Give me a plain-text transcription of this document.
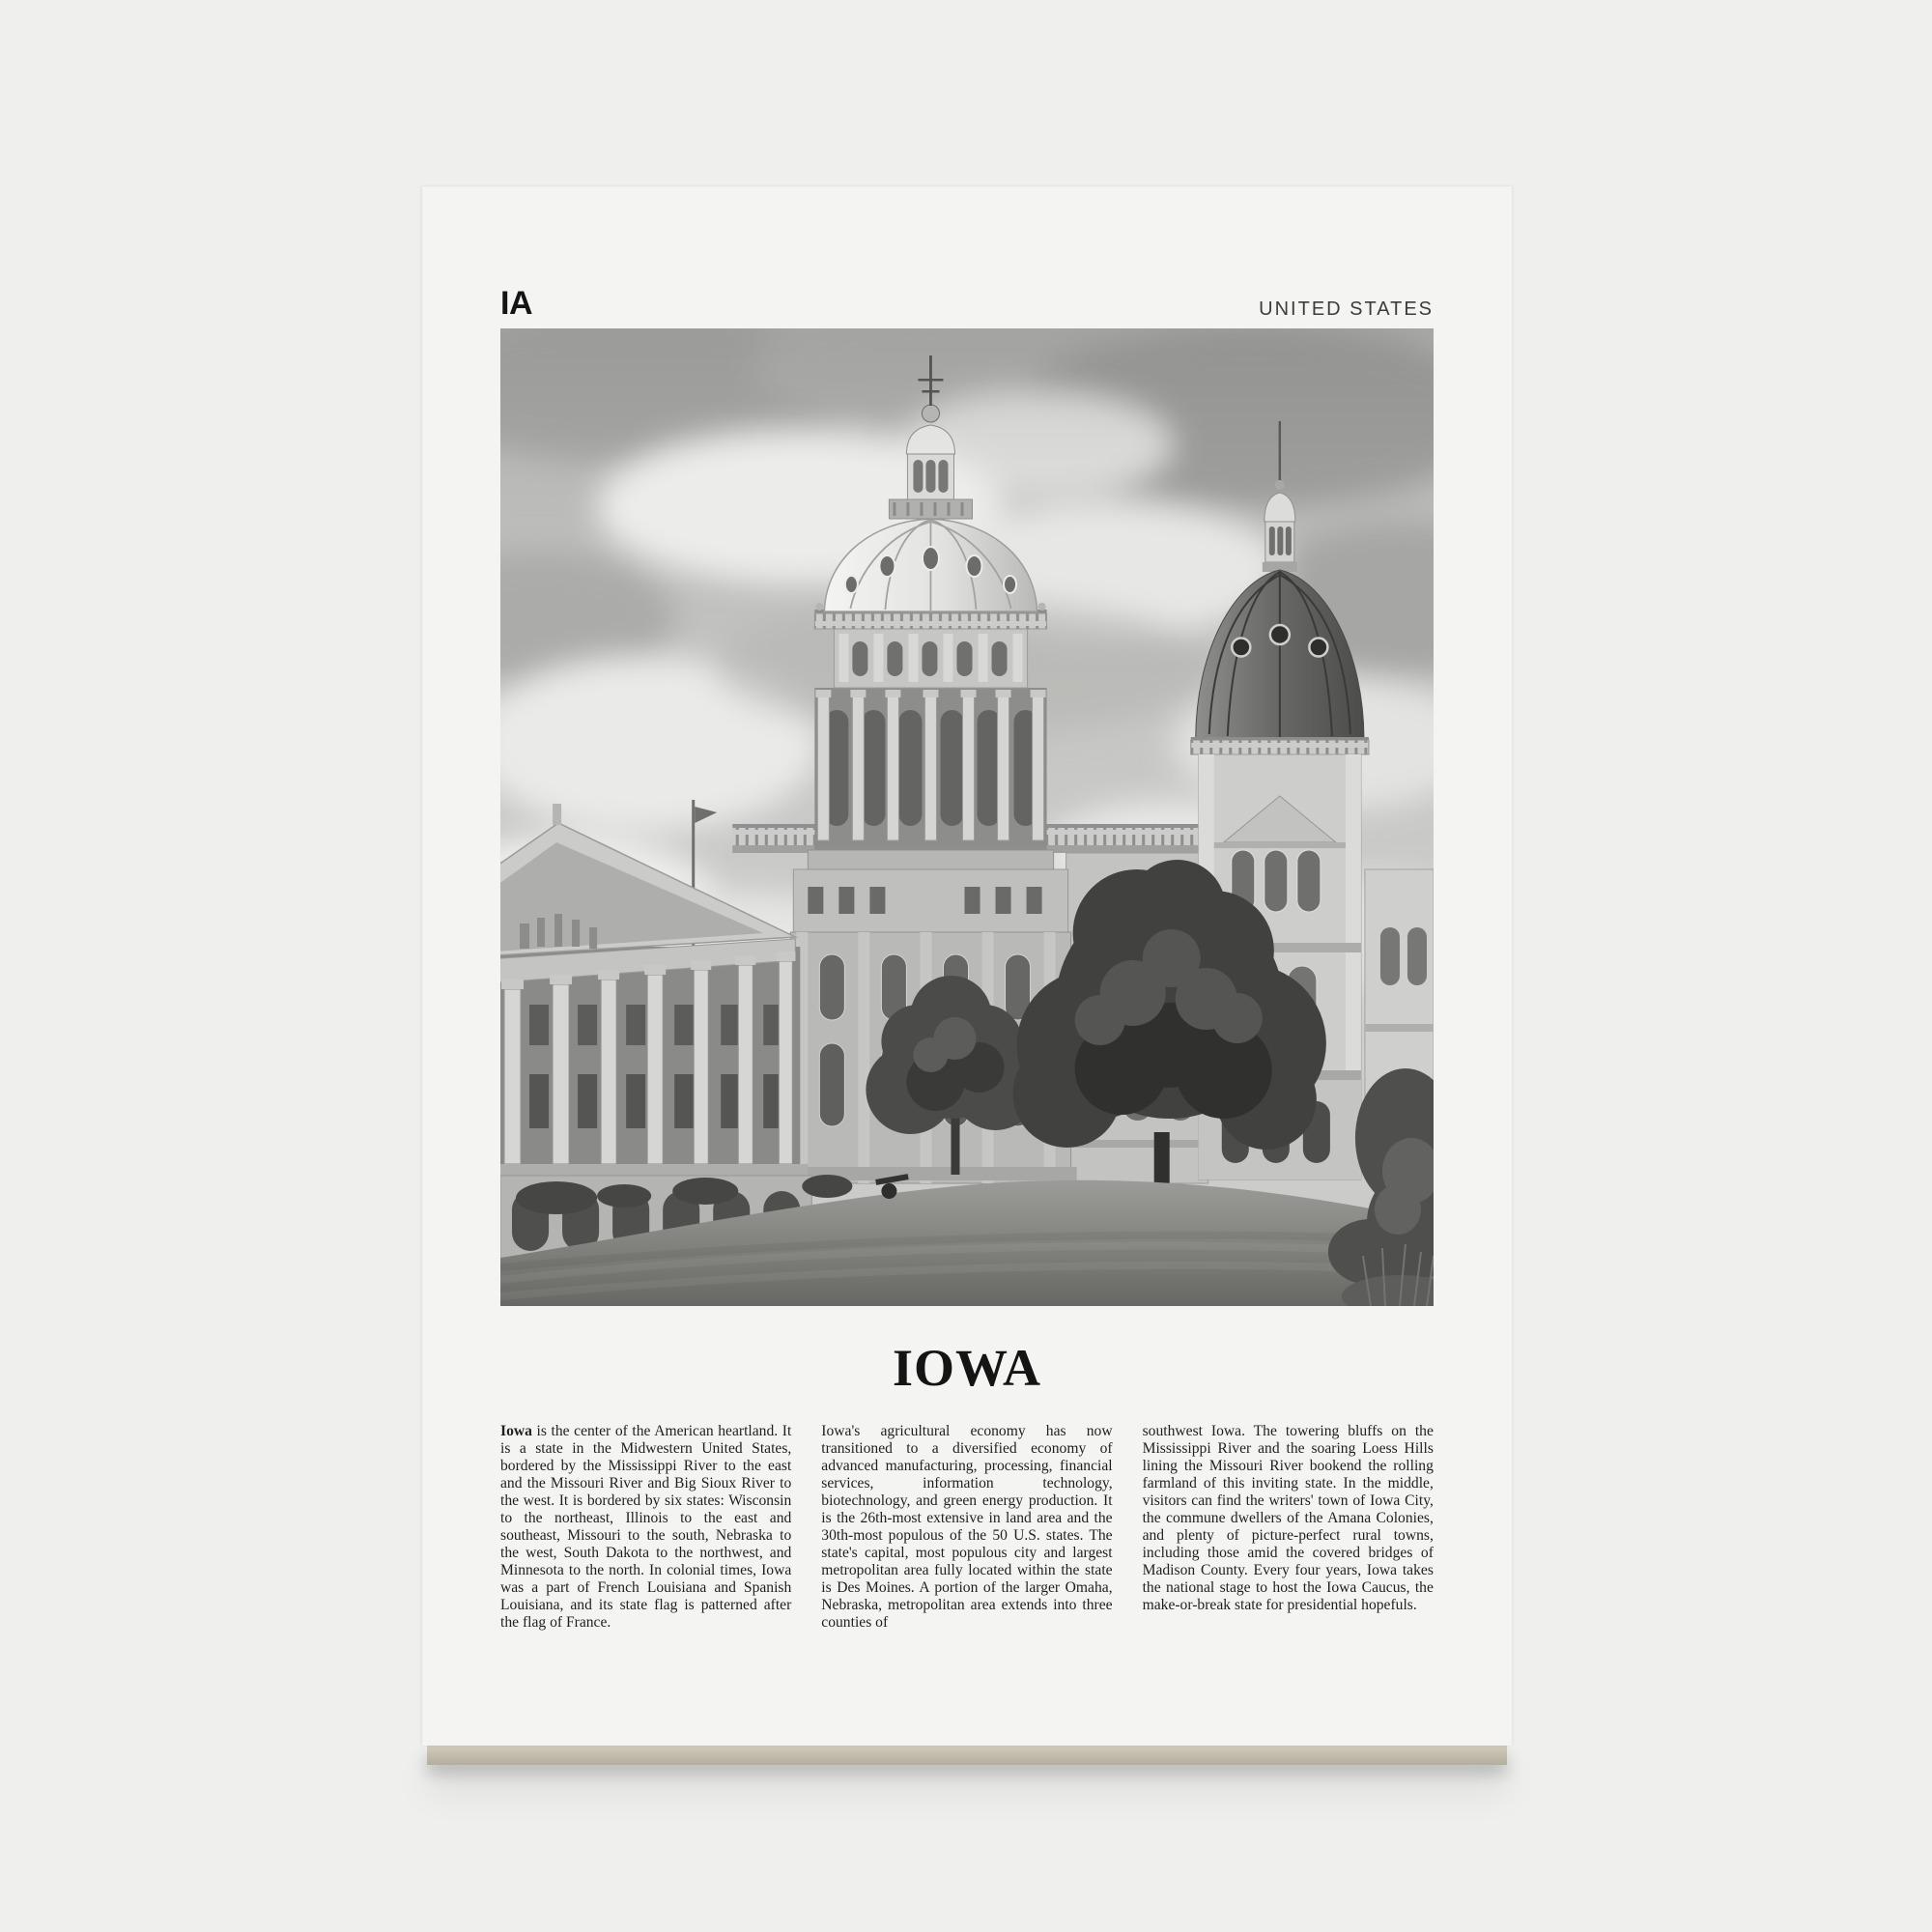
IA	UNITED STATES
IOWA
Iowa is the center of the American heartland. It is a state in the Midwestern United States, bordered by the Mississippi River to the east and the Missouri River and Big Sioux River to the west. It is bordered by six states: Wisconsin to the northeast, Illinois to the east and southeast, Missouri to the south, Nebraska to the west, South Dakota to the northwest, and Minnesota to the north. In colonial times, Iowa was a part of French Louisiana and Spanish Louisiana, and its state flag is patterned after the flag of France.
Iowa's agricultural economy has now transitioned to a diversified economy of advanced manufacturing, processing, financial services, information technology, biotechnology, and green energy production. It is the 26th-most extensive in land area and the 30th-most populous of the 50 U.S. states. The state's capital, most populous city and largest metropolitan area fully located within the state is Des Moines. A portion of the larger Omaha, Nebraska, metropolitan area extends into three counties of
southwest Iowa. The towering bluffs on the Mississippi River and the soaring Loess Hills lining the Missouri River bookend the rolling farmland of this inviting state. In the middle, visitors can find the writers' town of Iowa City, the commune dwellers of the Amana Colonies, and plenty of picture-perfect rural towns, including those amid the covered bridges of Madison County. Every four years, Iowa takes the national stage to host the Iowa Caucus, the make-or-break state for presidential hopefuls.
